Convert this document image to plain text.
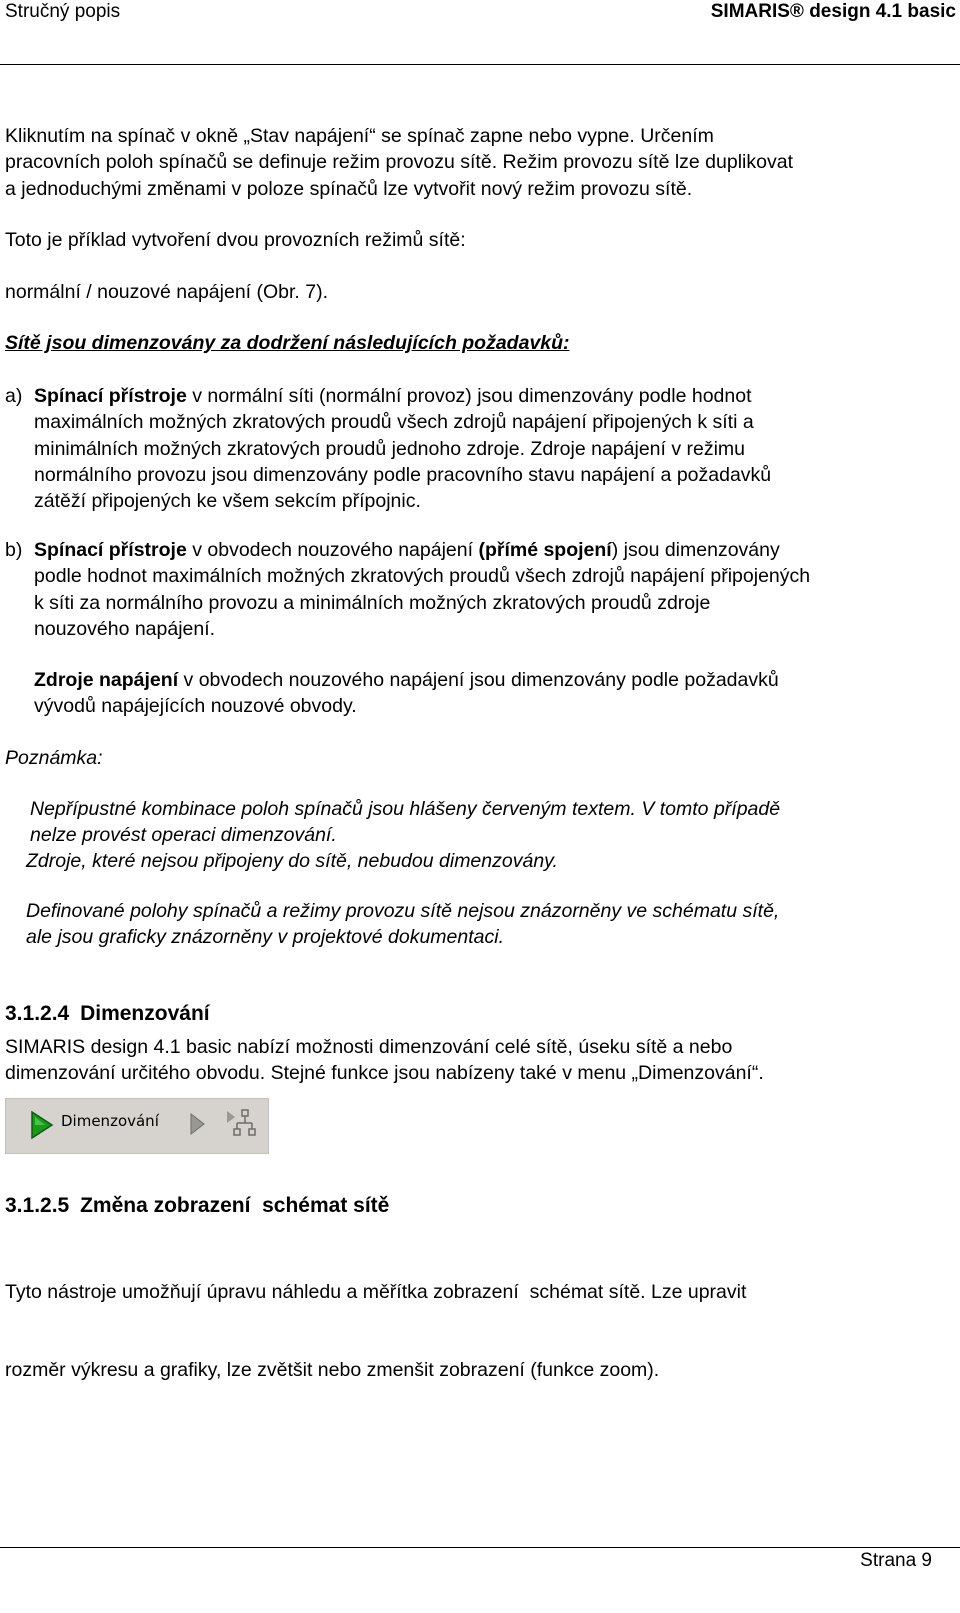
Stručný popis	SIMARIS® design 4.1 basic

Kliknutím na spínač v okně „Stav napájení“ se spínač zapne nebo vypne. Určením

pracovních poloh spínačů se definuje režim provozu sítě. Režim provozu sítě lze duplikovat

a jednoduchými změnami v poloze spínačů lze vytvořit nový režim provozu sítě.

Toto je příklad vytvoření dvou provozních režimů sítě:

normální / nouzové napájení (Obr. 7).

Sítě jsou dimenzovány za dodržení následujících požadavků:

a) Spínací přístroje v normální síti (normální provoz) jsou dimenzovány podle hodnot
maximálních možných zkratových proudů všech zdrojů napájení připojených k síti a
minimálních možných zkratových proudů jednoho zdroje. Zdroje napájení v režimu
normálního provozu jsou dimenzovány podle pracovního stavu napájení a požadavků
zátěží připojených ke všem sekcím přípojnic.
b) Spínací přístroje v obvodech nouzového napájení (přímé spojení) jsou dimenzovány
podle hodnot maximálních možných zkratových proudů všech zdrojů napájení připojených
k síti za normálního provozu a minimálních možných zkratových proudů zdroje
nouzového napájení.
Zdroje napájení v obvodech nouzového napájení jsou dimenzovány podle požadavků
vývodů napájejících nouzové obvody.

Poznámka:

Nepřípustné kombinace poloh spínačů jsou hlášeny červeným textem. V tomto případě

nelze provést operaci dimenzování.

Zdroje, které nejsou připojeny do sítě, nebudou dimenzovány.

Definované polohy spínačů a režimy provozu sítě nejsou znázorněny ve schématu sítě,

ale jsou graficky znázorněny v projektové dokumentaci.

3.1.2.4 Dimenzování

SIMARIS design 4.1 basic nabízí možnosti dimenzování celé sítě, úseku sítě a nebo

dimenzování určitého obvodu. Stejné funkce jsou nabízeny také v menu „Dimenzování“.

Dimenzování
3.1.2.5 Změna zobrazení  schémat sítě

Tyto nástroje umožňují úpravu náhledu a měřítka zobrazení  schémat sítě. Lze upravit

rozměr výkresu a grafiky, lze zvětšit nebo zmenšit zobrazení (funkce zoom).

Strana 9
